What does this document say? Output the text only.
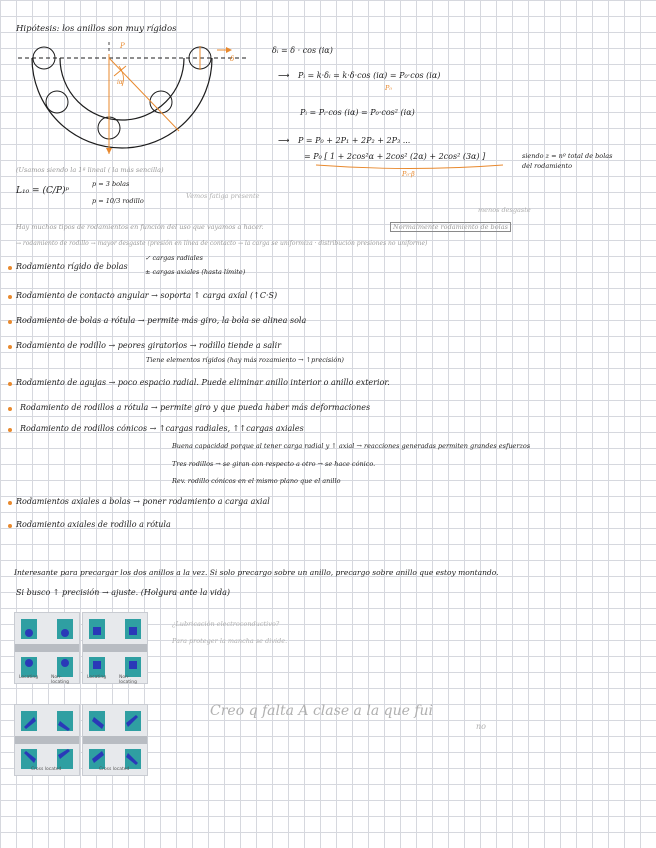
Hipótesis: los anillos son muy rígidos
P
δ
iα
δᵢ = δ · cos (iα)
⟶ Pᵢ = k·δᵢ = k·δ·cos (iα) = P₀·cos (iα)
P₀
Pᵢ = Pᵢ·cos (iα) = P₀·cos² (iα)
⟶ P = P₀ + 2P₁ + 2P₂ + 2P₃ ...
= P₀ [ 1 + 2cos²α + 2cos² (2α) + 2cos² (3α) ]
P₀·β
siendo z = nº total de bolas
del rodamiento
(Usamos siendo la 1ª lineal ( la más sencilla)
L₁₀ = (C/P)ᵖ
p = 3 bolas
p = 10/3 rodillo
Vemos fatiga presente
menos desgaste
Hay muchos tipos de rodamientos en función del uso que vayamos a hacer.	Normalmente rodamiento de bolas
→ rodamiento de rodillo → mayor desgaste (presión en línea de contacto → la carga se uniformiza · distribución presiones no uniforme)
Rodamiento rígido de bolas
✓ cargas radiales
± cargas axiales (hasta límite)
Rodamiento de contacto angular → soporta ↑ carga axial (↑C·S)
Rodamiento de bolas a rótula → permite más giro, la bola se alinea sola
Rodamiento de rodillo → peores giratorios → rodillo tiende a salir
Tiene elementos rígidos (hay más rozamiento → ↑precisión)
Rodamiento de agujas → poco espacio radial. Puede eliminar anillo interior o anillo exterior.
Rodamiento de rodillos a rótula → permite giro y que pueda haber más deformaciones
Rodamiento de rodillos cónicos → ↑cargas radiales, ↑↑cargas axiales
Buena capacidad porque al tener carga radial y ↑ axial → reacciones generadas permiten grandes esfuerzos
Tres rodillos → se giran con respecto a otro → se hace cónico.
Rev. rodillo cónicos en el mismo plano que el anillo
Rodamientos axiales a bolas → poner rodamiento a carga axial
Rodamiento axiales de rodillo a rótula
Interesante para precargar los dos anillos a la vez. Si solo precargo sobre un anillo, precargo sobre anillo que estoy montando.
Si busco ↑ precisión → ajuste. (Holgura ante la vida)
¿Lubricación electroconductivo?
Para proteger la mancha se divide.
Creo q falta A clase a la que fui
no
Locating	Non-locating
Locating	Non-locating
Cross located	Cross located
